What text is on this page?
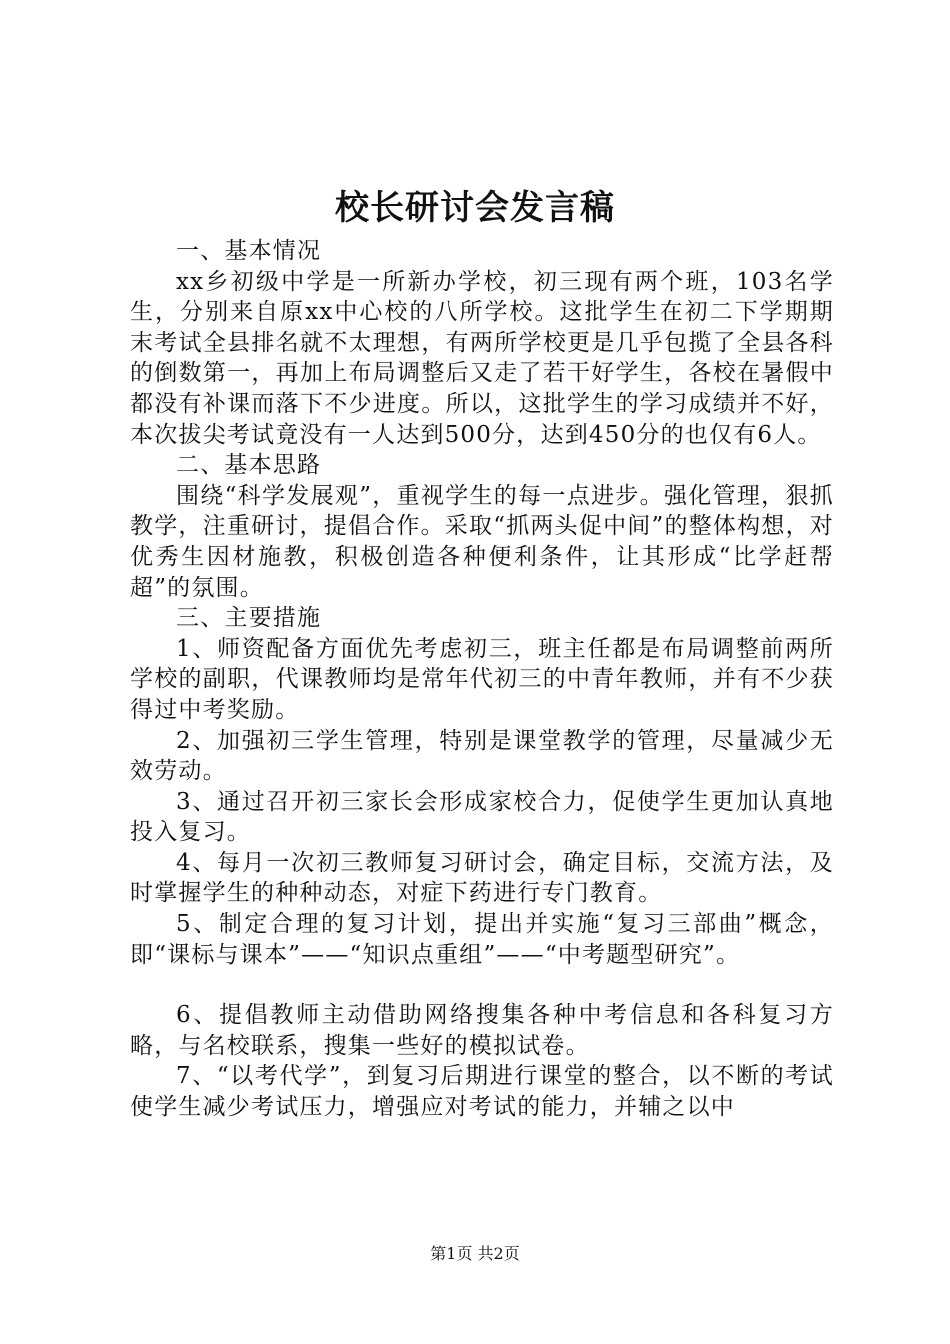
校长研讨会发言稿

一、基本情况

xx乡初级中学是一所新办学校，初三现有两个班，103名学生，分别来自原xx中心校的八所学校。这批学生在初二下学期期末考试全县排名就不太理想，有两所学校更是几乎包揽了全县各科的倒数第一，再加上布局调整后又走了若干好学生，各校在暑假中都没有补课而落下不少进度。所以，这批学生的学习成绩并不好，本次拔尖考试竟没有一人达到500分，达到450分的也仅有6人。

二、基本思路

围绕“科学发展观”，重视学生的每一点进步。强化管理，狠抓教学，注重研讨，提倡合作。采取“抓两头促中间”的整体构想，对优秀生因材施教，积极创造各种便利条件，让其形成“比学赶帮超”的氛围。

三、主要措施

1、师资配备方面优先考虑初三，班主任都是布局调整前两所学校的副职，代课教师均是常年代初三的中青年教师，并有不少获得过中考奖励。

2、加强初三学生管理，特别是课堂教学的管理，尽量减少无效劳动。

3、通过召开初三家长会形成家校合力，促使学生更加认真地投入复习。

4、每月一次初三教师复习研讨会，确定目标，交流方法，及时掌握学生的种种动态，对症下药进行专门教育。

5、制定合理的复习计划，提出并实施“复习三部曲”概念，即“课标与课本”——“知识点重组”——“中考题型研究”。

6、提倡教师主动借助网络搜集各种中考信息和各科复习方略，与名校联系，搜集一些好的模拟试卷。

7、“以考代学”，到复习后期进行课堂的整合，以不断的考试使学生减少考试压力，增强应对考试的能力，并辅之以中

第1页 共2页
